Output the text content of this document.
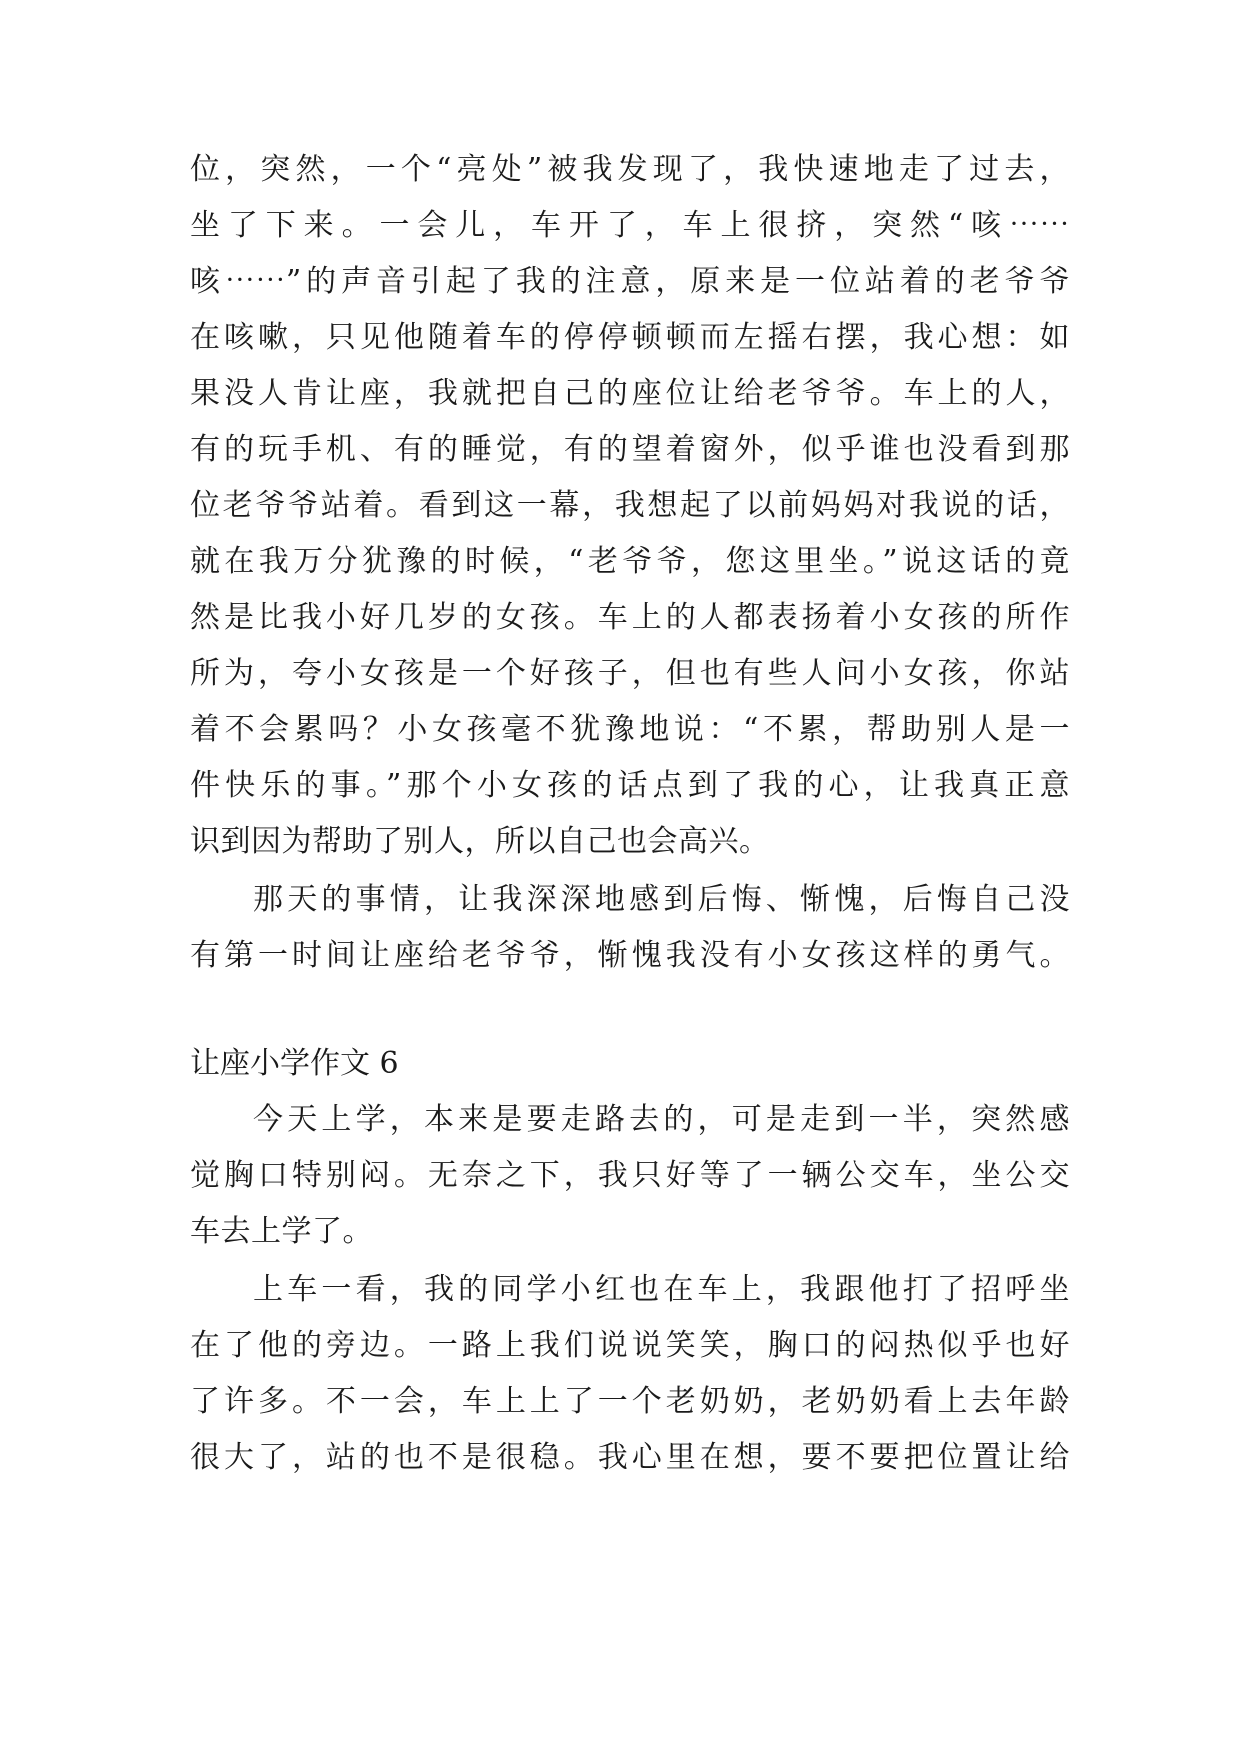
位，突然，一个“亮处”被我发现了，我快速地走了过去，
坐了下来。一会儿，车开了，车上很挤，突然“咳⋯⋯
咳⋯⋯”的声音引起了我的注意，原来是一位站着的老爷爷
在咳嗽，只见他随着车的停停顿顿而左摇右摆，我心想：如
果没人肯让座，我就把自己的座位让给老爷爷。车上的人，
有的玩手机、有的睡觉，有的望着窗外，似乎谁也没看到那
位老爷爷站着。看到这一幕，我想起了以前妈妈对我说的话，
就在我万分犹豫的时候，“老爷爷，您这里坐。”说这话的竟
然是比我小好几岁的女孩。车上的人都表扬着小女孩的所作
所为，夸小女孩是一个好孩子，但也有些人问小女孩，你站
着不会累吗？小女孩毫不犹豫地说：“不累，帮助别人是一
件快乐的事。”那个小女孩的话点到了我的心，让我真正意
识到因为帮助了别人，所以自己也会高兴。
那天的事情，让我深深地感到后悔、惭愧，后悔自己没
有第一时间让座给老爷爷，惭愧我没有小女孩这样的勇气。
让座小学作文 6
今天上学，本来是要走路去的，可是走到一半，突然感
觉胸口特别闷。无奈之下，我只好等了一辆公交车，坐公交
车去上学了。
上车一看，我的同学小红也在车上，我跟他打了招呼坐
在了他的旁边。一路上我们说说笑笑，胸口的闷热似乎也好
了许多。不一会，车上上了一个老奶奶，老奶奶看上去年龄
很大了，站的也不是很稳。我心里在想，要不要把位置让给
